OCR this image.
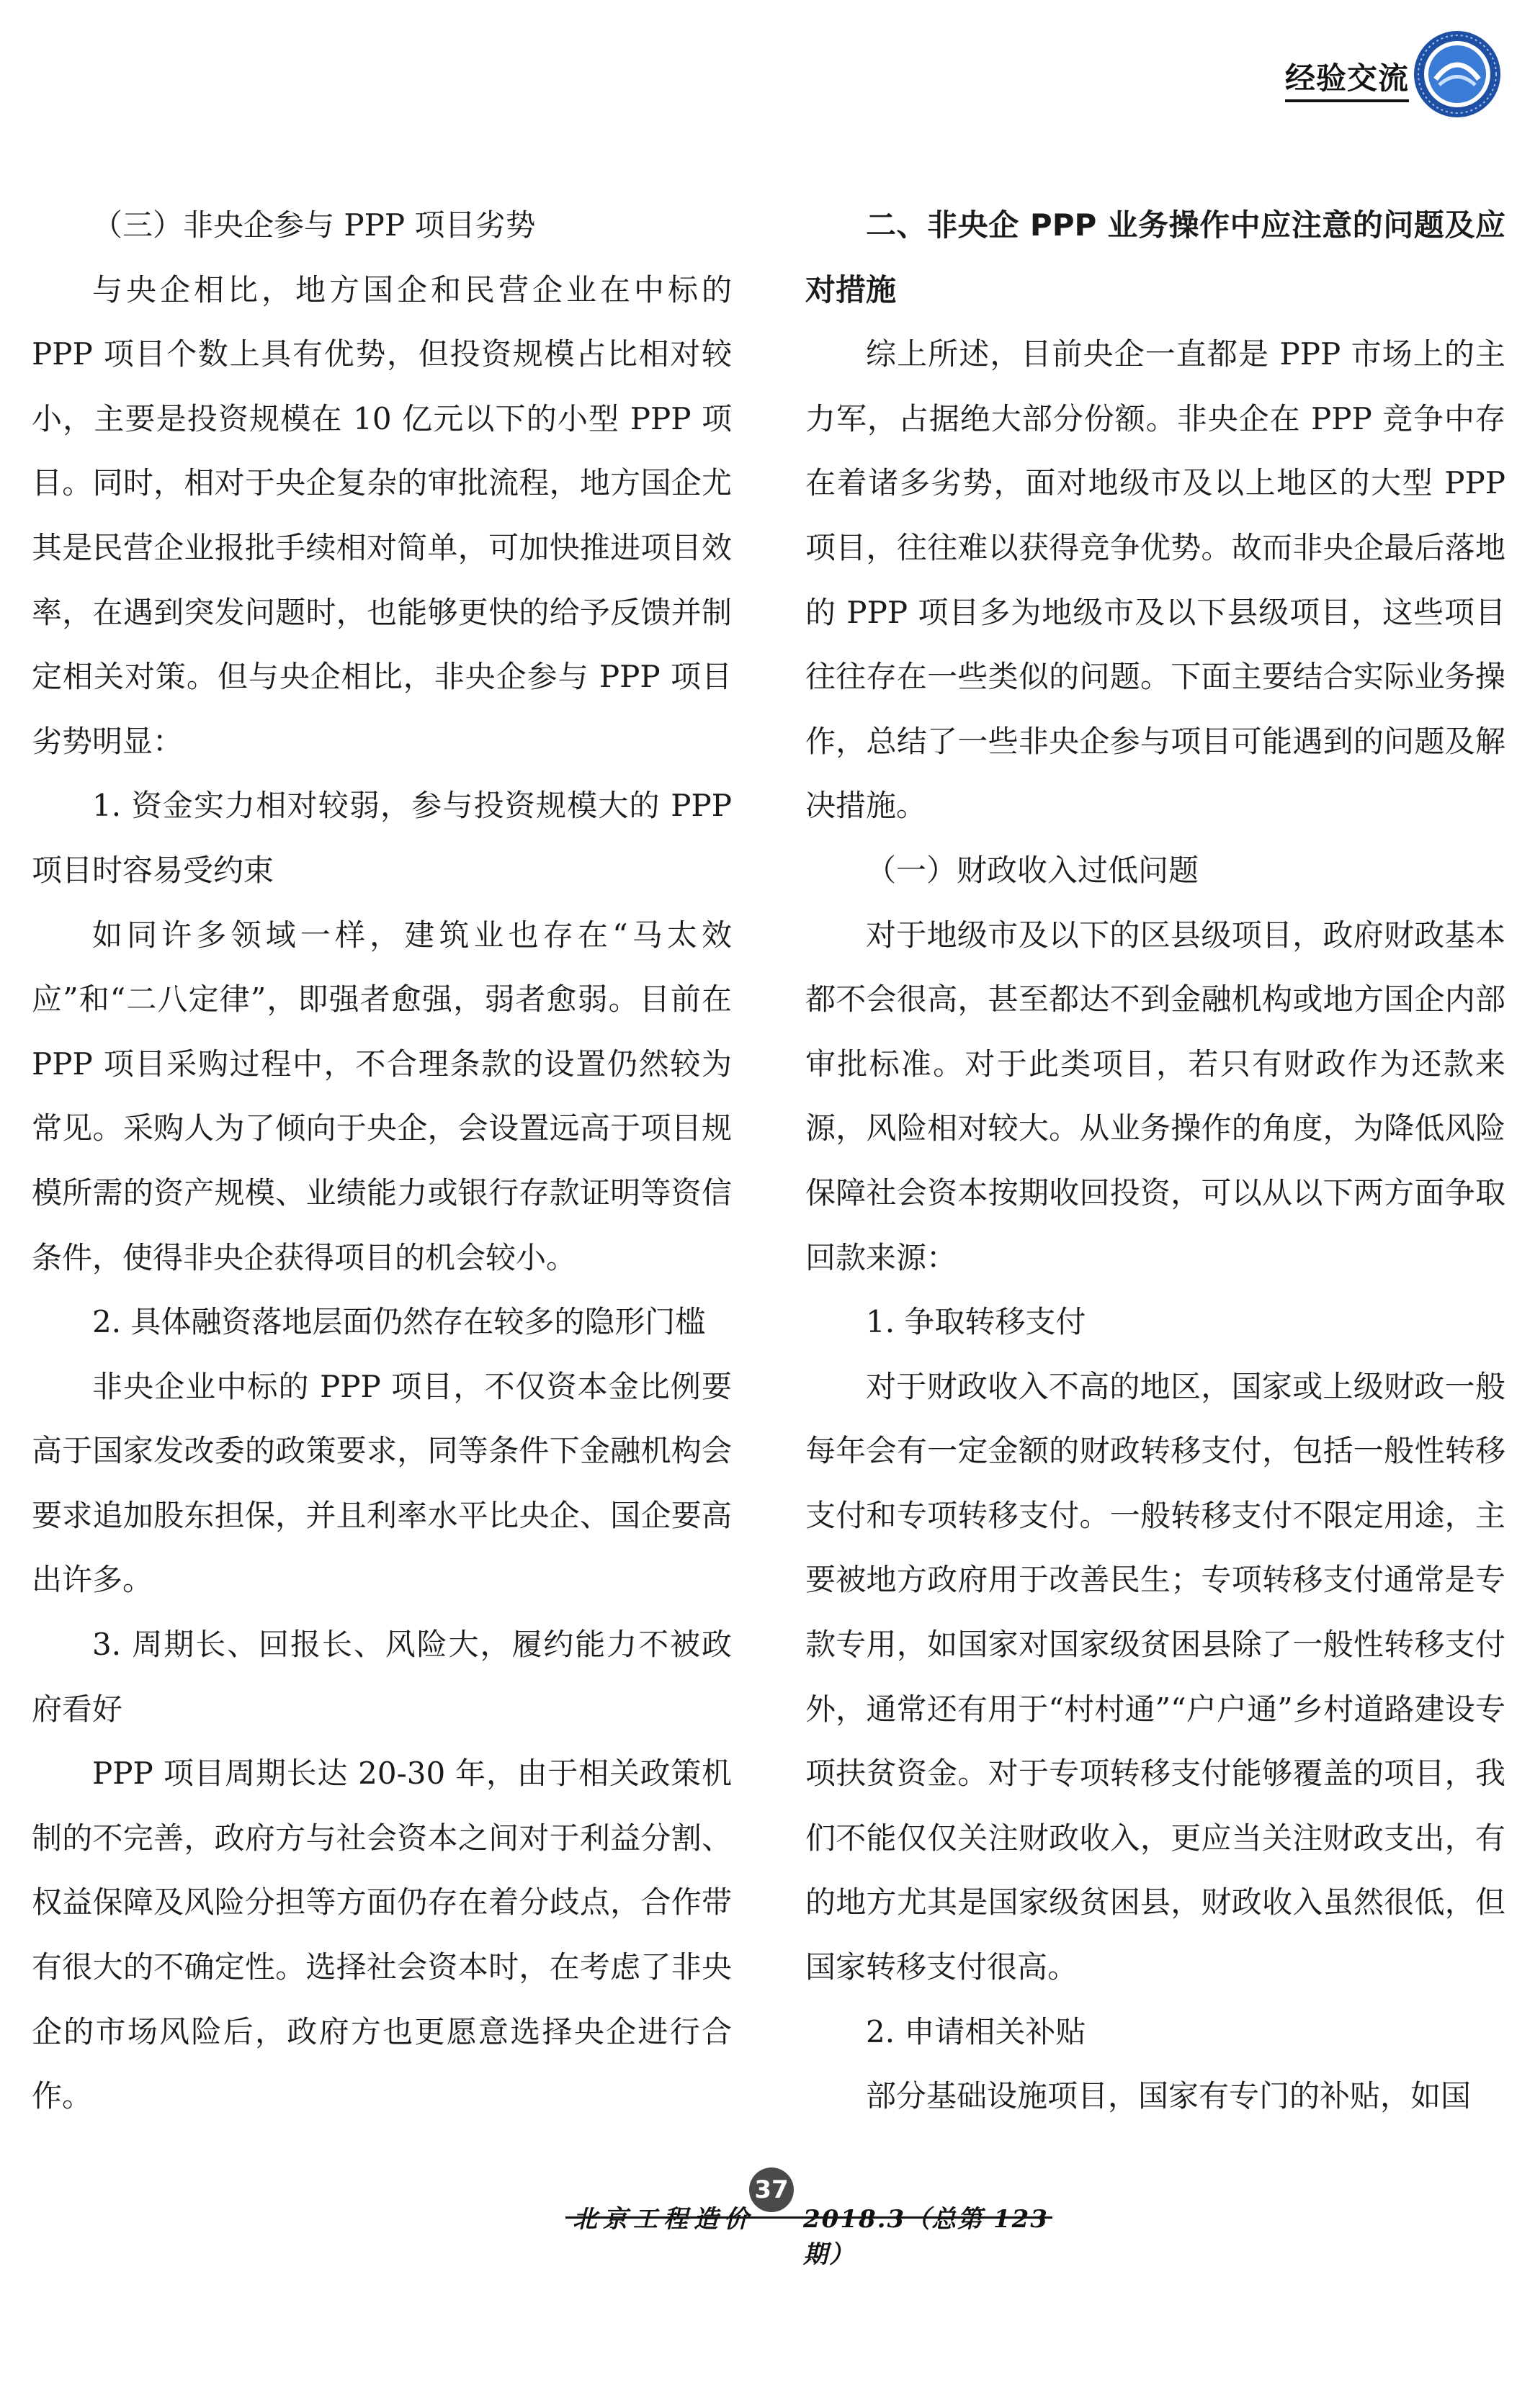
经验交流
（三）非央企参与 PPP 项目劣势

与央企相比，地方国企和民营企业在中标的 PPP 项目个数上具有优势，但投资规模占比相对较小，主要是投资规模在 10 亿元以下的小型 PPP 项目。同时，相对于央企复杂的审批流程，地方国企尤其是民营企业报批手续相对简单，可加快推进项目效率，在遇到突发问题时，也能够更快的给予反馈并制定相关对策。但与央企相比，非央企参与 PPP 项目劣势明显：

1. 资金实力相对较弱，参与投资规模大的 PPP 项目时容易受约束

如同许多领域一样，建筑业也存在“马太效应”和“二八定律”，即强者愈强，弱者愈弱。目前在 PPP 项目采购过程中，不合理条款的设置仍然较为常见。采购人为了倾向于央企，会设置远高于项目规模所需的资产规模、业绩能力或银行存款证明等资信条件，使得非央企获得项目的机会较小。

2. 具体融资落地层面仍然存在较多的隐形门槛

非央企业中标的 PPP 项目，不仅资本金比例要高于国家发改委的政策要求，同等条件下金融机构会要求追加股东担保，并且利率水平比央企、国企要高出许多。

3. 周期长、回报长、风险大，履约能力不被政府看好

PPP 项目周期长达 20-30 年，由于相关政策机制的不完善，政府方与社会资本之间对于利益分割、权益保障及风险分担等方面仍存在着分歧点，合作带有很大的不确定性。选择社会资本时，在考虑了非央企的市场风险后，政府方也更愿意选择央企进行合作。

二、非央企 PPP 业务操作中应注意的问题及应对措施

综上所述，目前央企一直都是 PPP 市场上的主力军，占据绝大部分份额。非央企在 PPP 竞争中存在着诸多劣势，面对地级市及以上地区的大型 PPP 项目，往往难以获得竞争优势。故而非央企最后落地的 PPP 项目多为地级市及以下县级项目，这些项目往往存在一些类似的问题。下面主要结合实际业务操作，总结了一些非央企参与项目可能遇到的问题及解决措施。

（一）财政收入过低问题

对于地级市及以下的区县级项目，政府财政基本都不会很高，甚至都达不到金融机构或地方国企内部审批标准。对于此类项目，若只有财政作为还款来源，风险相对较大。从业务操作的角度，为降低风险保障社会资本按期收回投资，可以从以下两方面争取回款来源：

1. 争取转移支付

对于财政收入不高的地区，国家或上级财政一般每年会有一定金额的财政转移支付，包括一般性转移支付和专项转移支付。一般转移支付不限定用途，主要被地方政府用于改善民生；专项转移支付通常是专款专用，如国家对国家级贫困县除了一般性转移支付外，通常还有用于“村村通”“户户通”乡村道路建设专项扶贫资金。对于专项转移支付能够覆盖的项目，我们不能仅仅关注财政收入，更应当关注财政支出，有的地方尤其是国家级贫困县，财政收入虽然很低，但国家转移支付很高。

2. 申请相关补贴

部分基础设施项目，国家有专门的补贴，如国

北京工程造价 2018.3（总第 123 期）
37
